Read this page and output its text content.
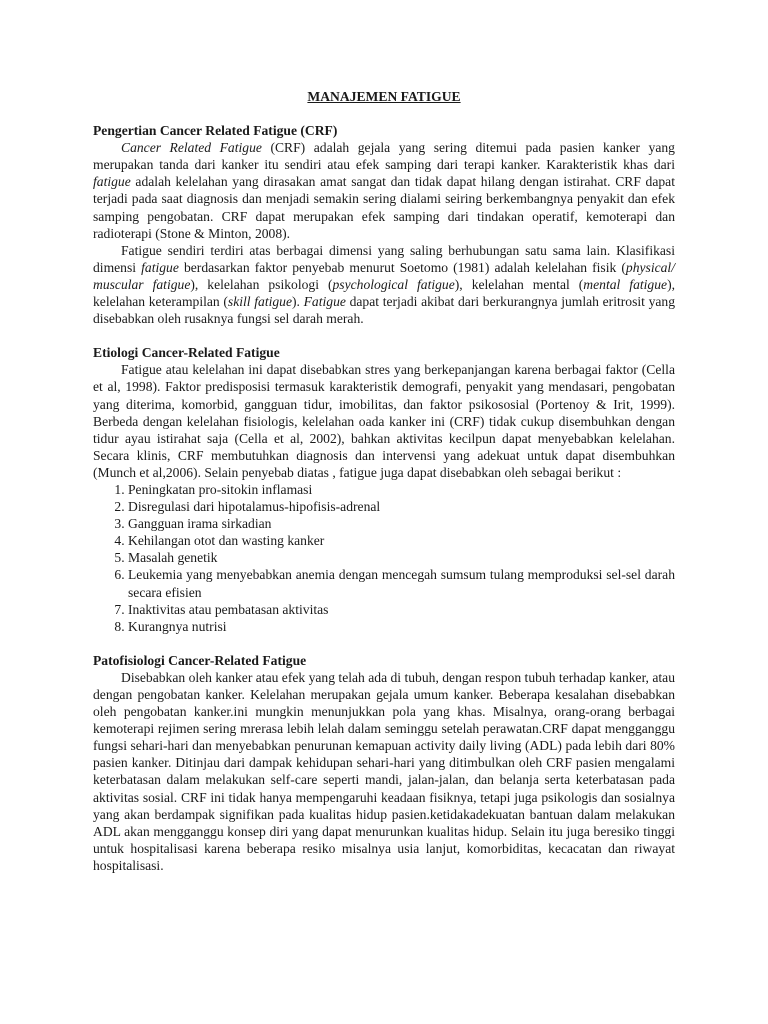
MANAJEMEN FATIGUE
Pengertian Cancer Related Fatigue (CRF)

Cancer Related Fatigue (CRF) adalah gejala yang sering ditemui pada pasien kanker yang merupakan tanda dari kanker itu sendiri atau efek samping dari terapi kanker. Karakteristik khas dari fatigue adalah kelelahan yang dirasakan amat sangat dan tidak dapat hilang dengan istirahat. CRF dapat terjadi pada saat diagnosis dan menjadi semakin sering dialami seiring berkembangnya penyakit dan efek samping pengobatan. CRF dapat merupakan efek samping dari tindakan operatif, kemoterapi dan radioterapi (Stone & Minton, 2008).

Fatigue sendiri terdiri atas berbagai dimensi yang saling berhubungan satu sama lain. Klasifikasi dimensi fatigue berdasarkan faktor penyebab menurut Soetomo (1981) adalah kelelahan fisik (physical/ muscular fatigue), kelelahan psikologi (psychological fatigue), kelelahan mental (mental fatigue), kelelahan keterampilan (skill fatigue). Fatigue dapat terjadi akibat dari berkurangnya jumlah eritrosit yang disebabkan oleh rusaknya fungsi sel darah merah.

Etiologi Cancer-Related Fatigue

Fatigue atau kelelahan ini dapat disebabkan stres yang berkepanjangan karena berbagai faktor (Cella et al, 1998). Faktor predisposisi termasuk karakteristik demografi, penyakit yang mendasari, pengobatan yang diterima, komorbid, gangguan tidur, imobilitas, dan faktor psikososial (Portenoy & Irit, 1999). Berbeda dengan kelelahan fisiologis, kelelahan oada kanker ini (CRF) tidak cukup disembuhkan dengan tidur ayau istirahat saja (Cella et al, 2002), bahkan aktivitas kecilpun dapat menyebabkan kelelahan. Secara klinis, CRF membutuhkan diagnosis dan intervensi yang adekuat untuk dapat disembuhkan (Munch et al,2006). Selain penyebab diatas , fatigue juga dapat disebabkan oleh sebagai berikut :

1. Peningkatan pro-sitokin inflamasi
2. Disregulasi dari hipotalamus-hipofisis-adrenal
3. Gangguan irama sirkadian
4. Kehilangan otot dan wasting kanker
5. Masalah genetik
6. Leukemia yang menyebabkan anemia dengan mencegah sumsum tulang memproduksi sel-sel darah secara efisien
7. Inaktivitas atau pembatasan aktivitas
8. Kurangnya nutrisi
Patofisiologi Cancer-Related Fatigue

Disebabkan oleh kanker atau efek yang telah ada di tubuh, dengan respon tubuh terhadap kanker, atau dengan pengobatan kanker. Kelelahan merupakan gejala umum kanker. Beberapa kesalahan disebabkan oleh pengobatan kanker.ini mungkin menunjukkan pola yang khas. Misalnya, orang-orang berbagai kemoterapi rejimen sering mrerasa lebih lelah dalam seminggu setelah perawatan.CRF dapat mengganggu fungsi sehari-hari dan menyebabkan penurunan kemapuan activity daily living (ADL) pada lebih dari 80% pasien kanker. Ditinjau dari dampak kehidupan sehari-hari yang ditimbulkan oleh CRF pasien mengalami keterbatasan dalam melakukan self-care seperti mandi, jalan-jalan, dan belanja serta keterbatasan pada aktivitas sosial. CRF ini tidak hanya mempengaruhi keadaan fisiknya, tetapi juga psikologis dan sosialnya yang akan berdampak signifikan pada kualitas hidup pasien.ketidakadekuatan bantuan dalam melakukan ADL akan mengganggu konsep diri yang dapat menurunkan kualitas hidup. Selain itu juga beresiko tinggi untuk hospitalisasi karena beberapa resiko misalnya usia lanjut, komorbiditas, kecacatan dan riwayat hospitalisasi.
